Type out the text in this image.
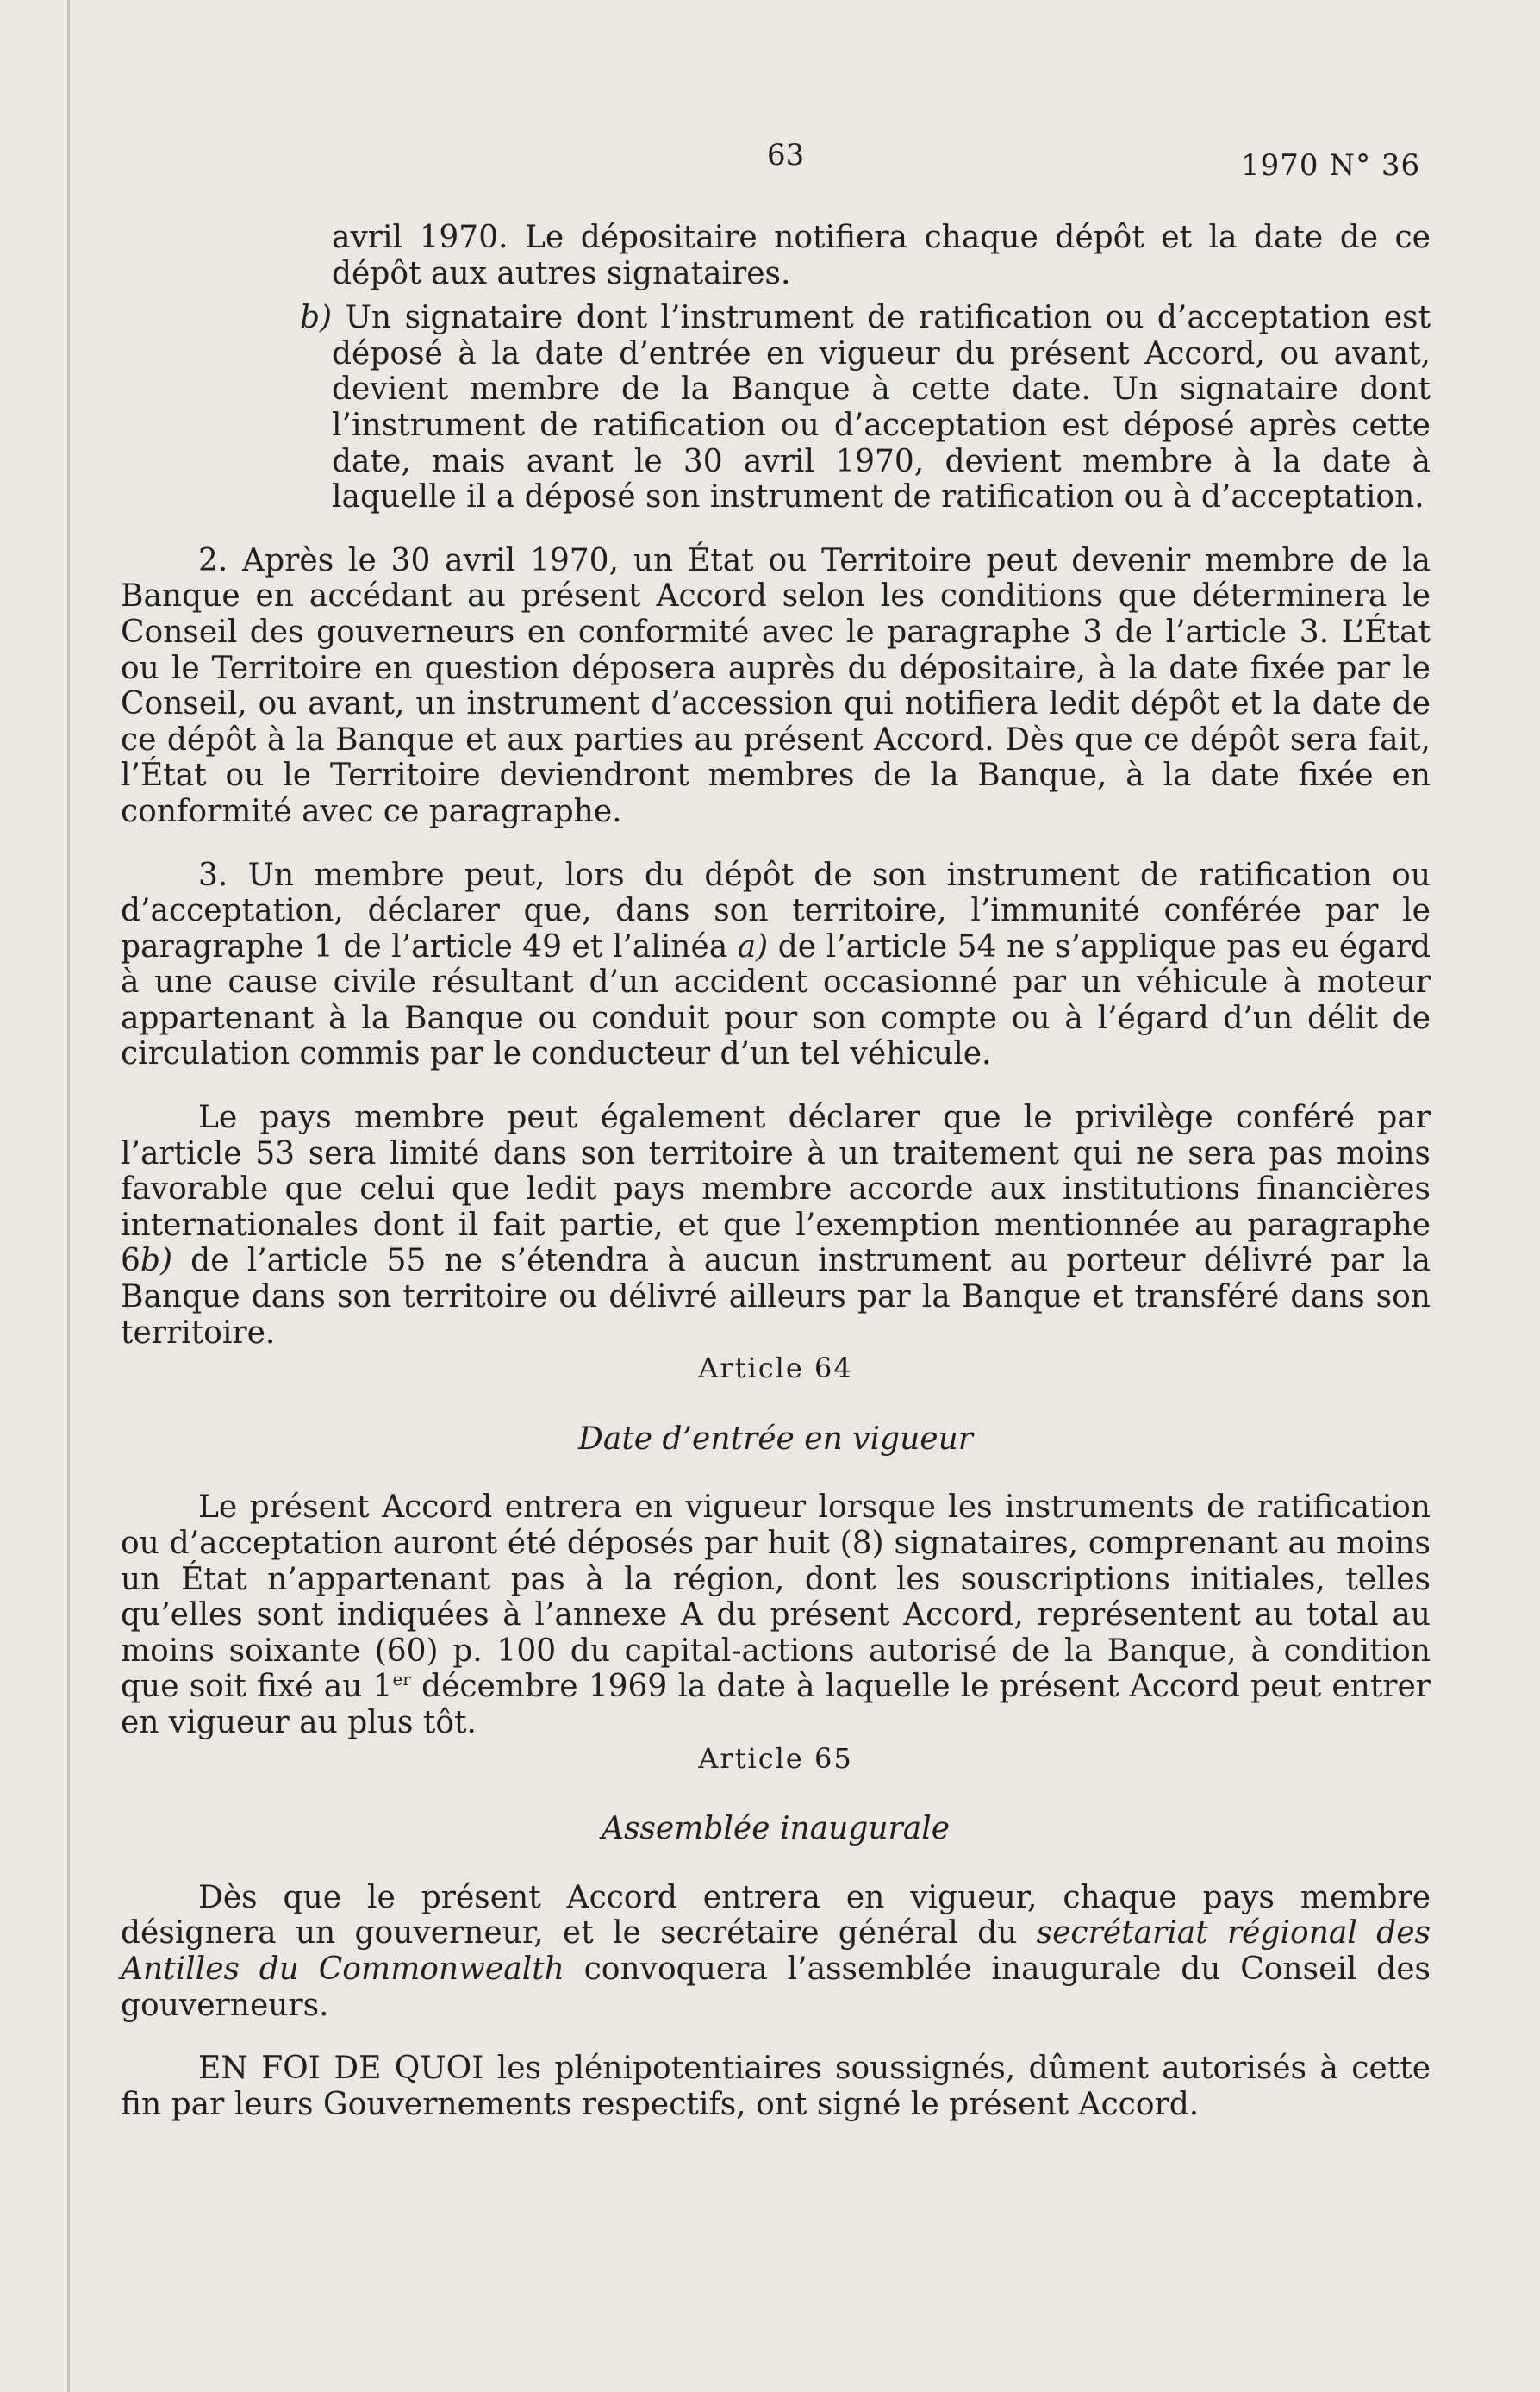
63	1970 N° 36

avril 1970. Le dépositaire notifiera chaque dépôt et la date de ce dépôt aux autres signataires.

b) Un signataire dont l’instrument de ratification ou d’acceptation est déposé à la date d’entrée en vigueur du présent Accord, ou avant, devient membre de la Banque à cette date. Un signataire dont l’instrument de ratification ou d’acceptation est déposé après cette date, mais avant le 30 avril 1970, devient membre à la date à laquelle il a déposé son instrument de ratification ou à d’acceptation.

2. Après le 30 avril 1970, un État ou Territoire peut devenir membre de la Banque en accédant au présent Accord selon les conditions que déterminera le Conseil des gouverneurs en conformité avec le paragraphe 3 de l’article 3. L’État ou le Territoire en question déposera auprès du dépositaire, à la date fixée par le Conseil, ou avant, un instrument d’accession qui notifiera ledit dépôt et la date de ce dépôt à la Banque et aux parties au présent Accord. Dès que ce dépôt sera fait, l’État ou le Territoire deviendront membres de la Banque, à la date fixée en conformité avec ce paragraphe.

3. Un membre peut, lors du dépôt de son instrument de ratification ou d’acceptation, déclarer que, dans son territoire, l’immunité conférée par le paragraphe 1 de l’article 49 et l’alinéa a) de l’article 54 ne s’applique pas eu égard à une cause civile résultant d’un accident occasionné par un véhicule à moteur appartenant à la Banque ou conduit pour son compte ou à l’égard d’un délit de circulation commis par le conducteur d’un tel véhicule.

Le pays membre peut également déclarer que le privilège conféré par l’article 53 sera limité dans son territoire à un traitement qui ne sera pas moins favorable que celui que ledit pays membre accorde aux institutions financières internationales dont il fait partie, et que l’exemption mentionnée au paragraphe 6b) de l’article 55 ne s’étendra à aucun instrument au porteur délivré par la Banque dans son territoire ou délivré ailleurs par la Banque et transféré dans son territoire.

Article 64

Date d’entrée en vigueur

Le présent Accord entrera en vigueur lorsque les instruments de ratification ou d’acceptation auront été déposés par huit (8) signataires, comprenant au moins un État n’appartenant pas à la région, dont les souscriptions initiales, telles qu’elles sont indiquées à l’annexe A du présent Accord, représentent au total au moins soixante (60) p. 100 du capital-actions autorisé de la Banque, à condition que soit fixé au 1er décembre 1969 la date à laquelle le présent Accord peut entrer en vigueur au plus tôt.

Article 65

Assemblée inaugurale

Dès que le présent Accord entrera en vigueur, chaque pays membre désignera un gouverneur, et le secrétaire général du secrétariat régional des Antilles du Commonwealth convoquera l’assemblée inaugurale du Conseil des gouverneurs.

EN FOI DE QUOI les plénipotentiaires soussignés, dûment autorisés à cette fin par leurs Gouvernements respectifs, ont signé le présent Accord.
